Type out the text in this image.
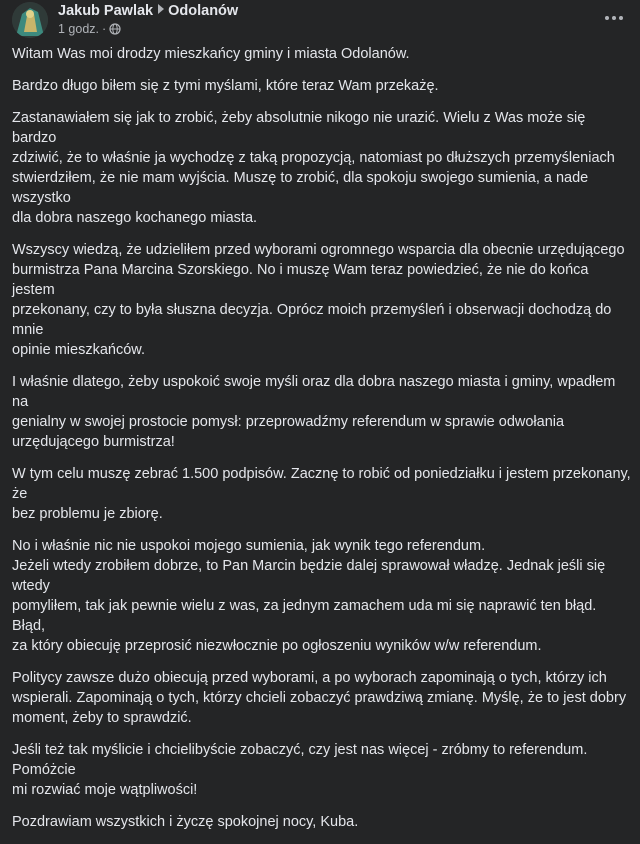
Jakub Pawlak Odolanów
1 godz. ·

Witam Was moi drodzy mieszkańcy gminy i miasta Odolanów.

Bardzo długo biłem się z tymi myślami, które teraz Wam przekażę.

Zastanawiałem się jak to zrobić, żeby absolutnie nikogo nie urazić. Wielu z Was może się bardzo
zdziwić, że to właśnie ja wychodzę z taką propozycją, natomiast po dłuższych przemyśleniach
stwierdziłem, że nie mam wyjścia. Muszę to zrobić, dla spokoju swojego sumienia, a nade wszystko
dla dobra naszego kochanego miasta.

Wszyscy wiedzą, że udzieliłem przed wyborami ogromnego wsparcia dla obecnie urzędującego
burmistrza Pana Marcina Szorskiego. No i muszę Wam teraz powiedzieć, że nie do końca jestem
przekonany, czy to była słuszna decyzja. Oprócz moich przemyśleń i obserwacji dochodzą do mnie
opinie mieszkańców.

I właśnie dlatego, żeby uspokoić swoje myśli oraz dla dobra naszego miasta i gminy, wpadłem na
genialny w swojej prostocie pomysł: przeprowadźmy referendum w sprawie odwołania
urzędującego burmistrza!

W tym celu muszę zebrać 1.500 podpisów. Zacznę to robić od poniedziałku i jestem przekonany, że
bez problemu je zbiorę.

No i właśnie nic nie uspokoi mojego sumienia, jak wynik tego referendum.
Jeżeli wtedy zrobiłem dobrze, to Pan Marcin będzie dalej sprawował władzę. Jednak jeśli się wtedy
pomyliłem, tak jak pewnie wielu z was, za jednym zamachem uda mi się naprawić ten błąd. Błąd,
za który obiecuję przeprosić niezwłocznie po ogłoszeniu wyników w/w referendum.

Politycy zawsze dużo obiecują przed wyborami, a po wyborach zapominają o tych, którzy ich
wspierali. Zapominają o tych, którzy chcieli zobaczyć prawdziwą zmianę. Myślę, że to jest dobry
moment, żeby to sprawdzić.

Jeśli też tak myślicie i chcielibyście zobaczyć, czy jest nas więcej - zróbmy to referendum. Pomóżcie
mi rozwiać moje wątpliwości!

Pozdrawiam wszystkich i życzę spokojnej nocy, Kuba.
